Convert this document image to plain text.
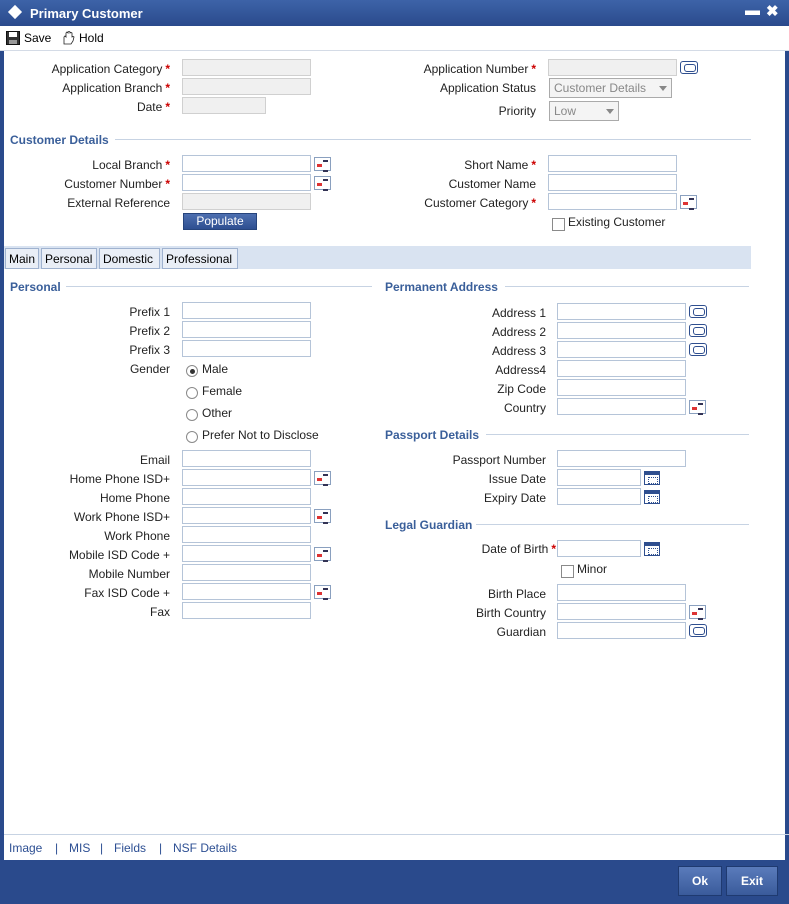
Primary Customer	▬ ✖
Save	Hold
Application Category *
Application Branch *
Date *
Application Number *
Application Status	Customer Details
Priority	Low
Customer Details
Local Branch *
Customer Number *
External Reference
Populate
Short Name *
Customer Name
Customer Category *
Existing Customer
Main Personal Domestic	Professional
Personal
Prefix 1
Prefix 2
Prefix 3
Gender	Male
Female
Other
Prefer Not to Disclose
Email
Home Phone ISD+
Home Phone
Work Phone ISD+
Work Phone
Mobile ISD Code +
Mobile Number
Fax ISD Code +
Fax
Permanent Address
Address 1
Address 2
Address 3
Address4
Zip Code
Country
Passport Details
Passport Number
Issue Date
Expiry Date
Legal Guardian
Date of Birth *
Minor
Birth Place
Birth Country
Guardian
Image | MIS | Fields | NSF Details
Ok	Exit
